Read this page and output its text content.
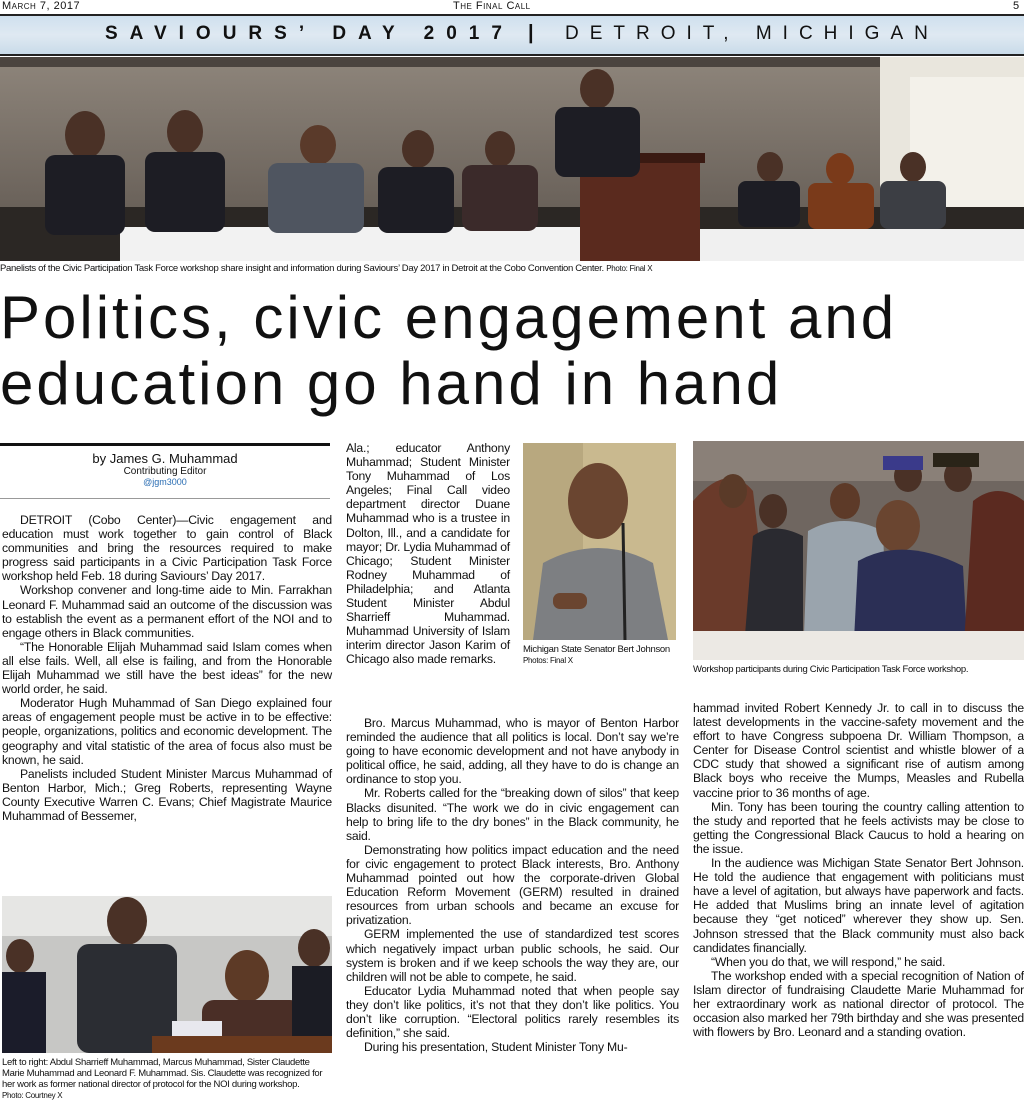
March 7, 2017	The Final Call	5
SAVIOURS’ DAY 2017 | DETROIT, MICHIGAN
Panelists of the Civic Participation Task Force workshop share insight and information during Saviours’ Day 2017 in Detroit at the Cobo Convention Center. Photo: Final X
Politics, civic engagement and
education go hand in hand
by James G. Muhammad
Contributing Editor
@jgm3000

DETROIT (Cobo Center)—Civic engagement and education must work together to gain control of Black communities and bring the resources required to make progress said participants in a Civic Participation Task Force workshop held Feb. 18 during Saviours’ Day 2017.

Workshop convener and long-time aide to Min. Farrakhan Leonard F. Muhammad said an outcome of the discussion was to establish the event as a permanent effort of the NOI and to engage others in Black communities.

“The Honorable Elijah Muhammad said Islam comes when all else fails. Well, all else is failing, and from the Honorable Elijah Muhammad we still have the best ideas” for the new world order, he said.

Moderator Hugh Muhammad of San Diego explained four areas of engagement people must be active in to be effective: people, organizations, politics and economic development. The geography and vital statistic of the area of focus also must be known, he said.

Panelists included Student Minister Marcus Muhammad of Benton Harbor, Mich.; Greg Roberts, representing Wayne County Executive Warren C. Evans; Chief Magistrate Maurice Muhammad of Bessemer,

Left to right: Abdul Sharrieff Muhammad, Marcus Muhammad, Sister Claudette Marie Muhammad and Leonard F. Muhammad. Sis. Claudette was recognized for her work as former national director of protocol for the NOI during workshop.
Photo: Courtney X

Ala.; educator Anthony Muhammad; Student Minister Tony Muhammad of Los Angeles; Final Call video department director Duane Muhammad who is a trustee in Dolton, Ill., and a candidate for mayor; Dr. Lydia Muhammad of Chicago; Student Minister Rodney Muhammad of Philadelphia; and Atlanta Student Minister Abdul Sharrieff Muhammad. Muhammad University of Islam interim director Jason Karim of Chicago also made remarks.

Michigan State Senator Bert Johnson
Photos: Final X

Bro. Marcus Muhammad, who is mayor of Benton Harbor reminded the audience that all politics is local. Don’t say we’re going to have economic development and not have anybody in political office, he said, adding, all they have to do is change an ordinance to stop you.

Mr. Roberts called for the “breaking down of silos” that keep Blacks disunited. “The work we do in civic engagement can help to bring life to the dry bones” in the Black community, he said.

Demonstrating how politics impact education and the need for civic engagement to protect Black interests, Bro. Anthony Muhammad pointed out how the corporate-driven Global Education Reform Movement (GERM) resulted in drained resources from urban schools and became an excuse for privatization.

GERM implemented the use of standardized test scores which negatively impact urban public schools, he said. Our system is broken and if we keep schools the way they are, our children will not be able to compete, he said.

Educator Lydia Muhammad noted that when people say they don’t like politics, it’s not that they don’t like politics. You don’t like corruption. “Electoral politics rarely resembles its definition,” she said.

During his presentation, Student Minister Tony Mu-

Workshop participants during Civic Participation Task Force workshop.

hammad invited Robert Kennedy Jr. to call in to discuss the latest developments in the vaccine-safety movement and the effort to have Congress subpoena Dr. William Thompson, a Center for Disease Control scientist and whistle blower of a CDC study that showed a significant rise of autism among Black boys who receive the Mumps, Measles and Rubella vaccine prior to 36 months of age.

Min. Tony has been touring the country calling attention to the study and reported that he feels activists may be close to getting the Congressional Black Caucus to hold a hearing on the issue.

In the audience was Michigan State Senator Bert Johnson. He told the audience that engagement with politicians must have a level of agitation, but always have paperwork and facts. He added that Muslims bring an innate level of agitation because they “get noticed” wherever they show up. Sen. Johnson stressed that the Black community must also back candidates financially.

“When you do that, we will respond,” he said.

The workshop ended with a special recognition of Nation of Islam director of fundraising Claudette Marie Muhammad for her extraordinary work as national director of protocol. The occasion also marked her 79th birthday and she was presented with flowers by Bro. Leonard and a standing ovation.
